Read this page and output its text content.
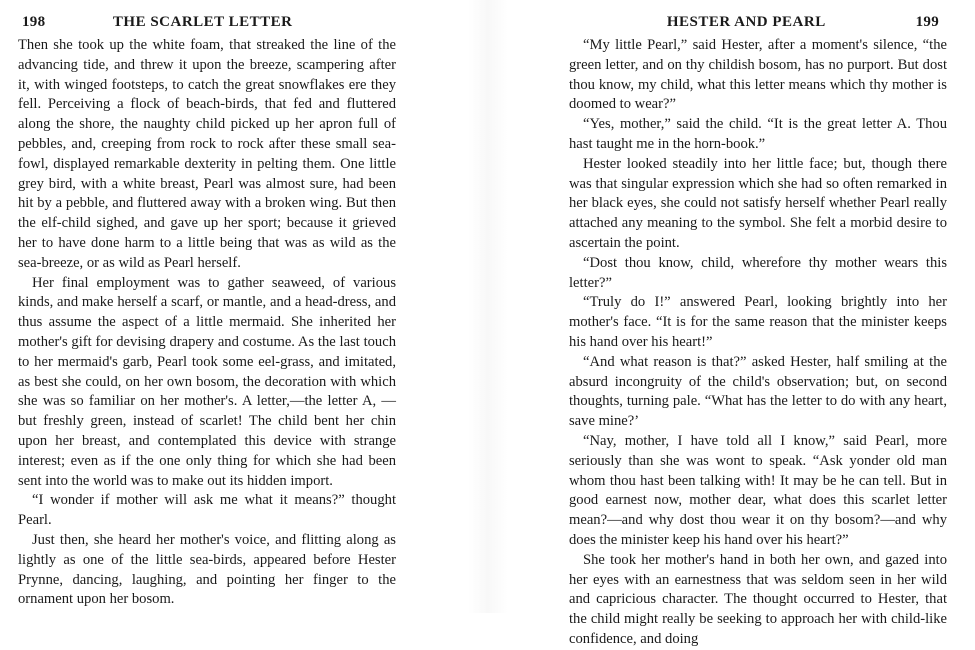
198	THE SCARLET LETTER

Then she took up the white foam, that streaked the line of the advancing tide, and threw it upon the breeze, scampering after it, with winged footsteps, to catch the great snowflakes ere they fell. Perceiving a flock of beach-birds, that fed and fluttered along the shore, the naughty child picked up her apron full of pebbles, and, creeping from rock to rock after these small sea-fowl, displayed remarkable dexterity in pelting them. One little grey bird, with a white breast, Pearl was almost sure, had been hit by a pebble, and fluttered away with a broken wing. But then the elf-child sighed, and gave up her sport; because it grieved her to have done harm to a little being that was as wild as the sea-breeze, or as wild as Pearl herself.

Her final employment was to gather seaweed, of various kinds, and make herself a scarf, or mantle, and a head-dress, and thus assume the aspect of a little mermaid. She inherited her mother's gift for devising drapery and costume. As the last touch to her mermaid's garb, Pearl took some eel-grass, and imitated, as best she could, on her own bosom, the decoration with which she was so familiar on her mother's. A letter,—the letter A, —but freshly green, instead of scarlet! The child bent her chin upon her breast, and contemplated this device with strange interest; even as if the one only thing for which she had been sent into the world was to make out its hidden import.

“I wonder if mother will ask me what it means?” thought Pearl.

Just then, she heard her mother's voice, and flitting along as lightly as one of the little sea-birds, appeared before Hester Prynne, dancing, laughing, and pointing her finger to the ornament upon her bosom.

HESTER AND PEARL	199

“My little Pearl,” said Hester, after a moment's silence, “the green letter, and on thy childish bosom, has no purport. But dost thou know, my child, what this letter means which thy mother is doomed to wear?”

“Yes, mother,” said the child. “It is the great letter A. Thou hast taught me in the horn-book.”

Hester looked steadily into her little face; but, though there was that singular expression which she had so often remarked in her black eyes, she could not satisfy herself whether Pearl really attached any meaning to the symbol. She felt a morbid desire to ascertain the point.

“Dost thou know, child, wherefore thy mother wears this letter?”

“Truly do I!” answered Pearl, looking brightly into her mother's face. “It is for the same reason that the minister keeps his hand over his heart!”

“And what reason is that?” asked Hester, half smiling at the absurd incongruity of the child's observation; but, on second thoughts, turning pale. “What has the letter to do with any heart, save mine?’

“Nay, mother, I have told all I know,” said Pearl, more seriously than she was wont to speak. “Ask yonder old man whom thou hast been talking with! It may be he can tell. But in good earnest now, mother dear, what does this scarlet letter mean?—and why dost thou wear it on thy bosom?—and why does the minister keep his hand over his heart?”

She took her mother's hand in both her own, and gazed into her eyes with an earnestness that was seldom seen in her wild and capricious character. The thought occurred to Hester, that the child might really be seeking to approach her with child-like confidence, and doing
